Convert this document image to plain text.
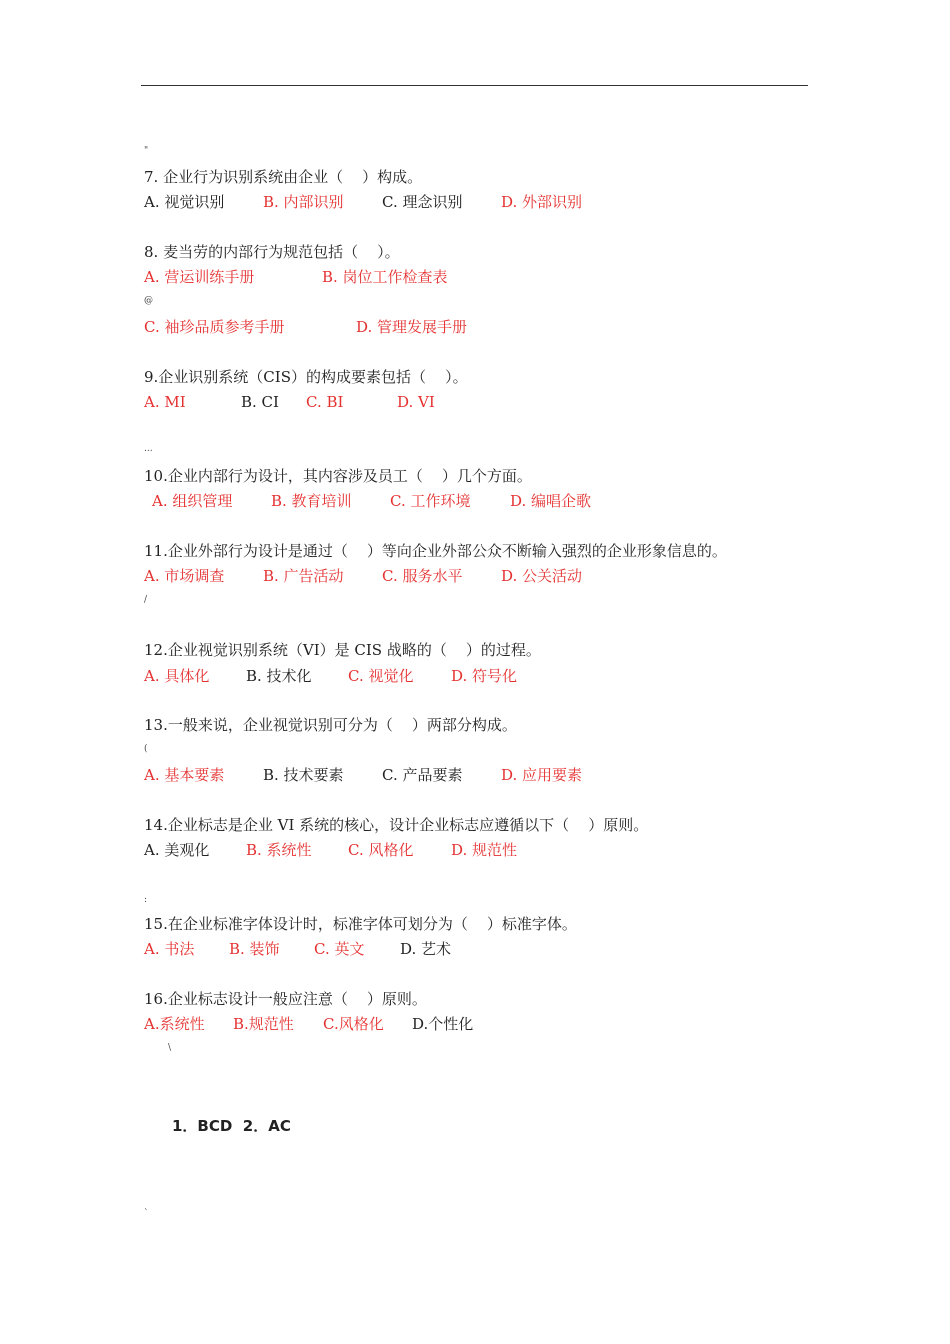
"
@
...
/
(
:
\
`
7. 企业行为识别系统由企业（    ）构成。
A. 视觉识别	B. 内部识别	C. 理念识别	D. 外部识别
8. 麦当劳的内部行为规范包括（    ）。
A. 营运训练手册	B. 岗位工作检查表
C. 袖珍品质参考手册	D. 管理发展手册
9.企业识别系统（CIS）的构成要素包括（    ）。
A. MI	B. CI C. BI	D. VI
10.企业内部行为设计，其内容涉及员工（    ）几个方面。
A. 组织管理	B. 教育培训	C. 工作环境	D. 编唱企歌
11.企业外部行为设计是通过（    ）等向企业外部公众不断输入强烈的企业形象信息的。
A. 市场调查	B. 广告活动	C. 服务水平	D. 公关活动
12.企业视觉识别系统（VI）是 CIS 战略的（    ）的过程。
A. 具体化 B. 技术化 C. 视觉化	D. 符号化
13.一般来说，企业视觉识别可分为（    ）两部分构成。
A. 基本要素	B. 技术要素	C. 产品要素	D. 应用要素
14.企业标志是企业 VI 系统的核心，设计企业标志应遵循以下（    ）原则。
A. 美观化 B. 系统性 C. 风格化	D. 规范性
15.在企业标准字体设计时，标准字体可划分为（    ）标准字体。
A. 书法 B. 装饰 C. 英文 D. 艺术
16.企业标志设计一般应注意（    ）原则。
A.系统性 B.规范性 C.风格化 D.个性化
1．BCD  2．AC
